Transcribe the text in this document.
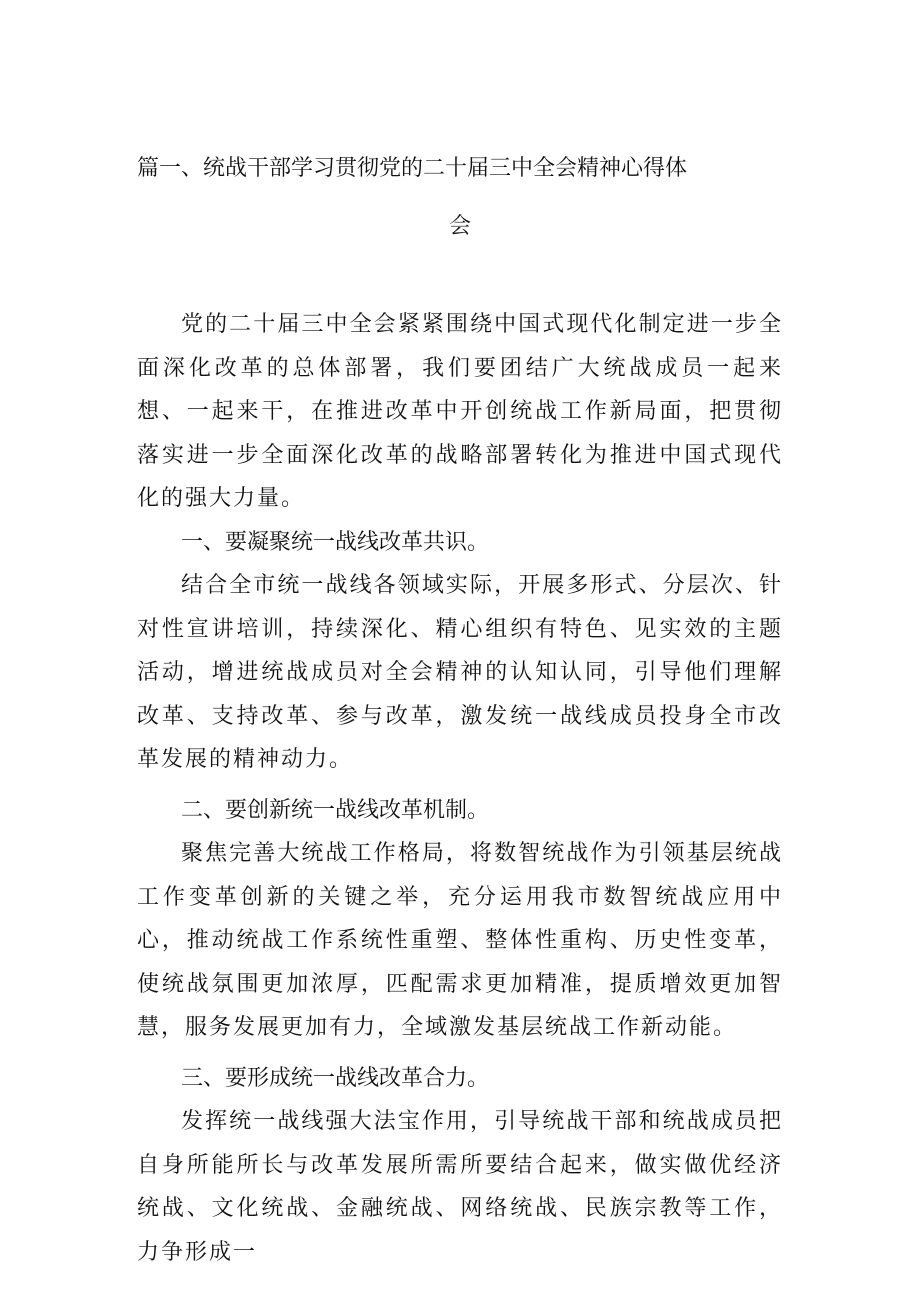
篇一、统战干部学习贯彻党的二十届三中全会精神心得体
会

党的二十届三中全会紧紧围绕中国式现代化制定进一步全面深化改革的总体部署，我们要团结广大统战成员一起来想、一起来干，在推进改革中开创统战工作新局面，把贯彻落实进一步全面深化改革的战略部署转化为推进中国式现代化的强大力量。

一、要凝聚统一战线改革共识。

结合全市统一战线各领域实际，开展多形式、分层次、针对性宣讲培训，持续深化、精心组织有特色、见实效的主题活动，增进统战成员对全会精神的认知认同，引导他们理解改革、支持改革、参与改革，激发统一战线成员投身全市改革发展的精神动力。

二、要创新统一战线改革机制。

聚焦完善大统战工作格局，将数智统战作为引领基层统战工作变革创新的关键之举，充分运用我市数智统战应用中心，推动统战工作系统性重塑、整体性重构、历史性变革，使统战氛围更加浓厚，匹配需求更加精准，提质增效更加智慧，服务发展更加有力，全域激发基层统战工作新动能。

三、要形成统一战线改革合力。

发挥统一战线强大法宝作用，引导统战干部和统战成员把自身所能所长与改革发展所需所要结合起来，做实做优经济统战、文化统战、金融统战、网络统战、民族宗教等工作，力争形成一
